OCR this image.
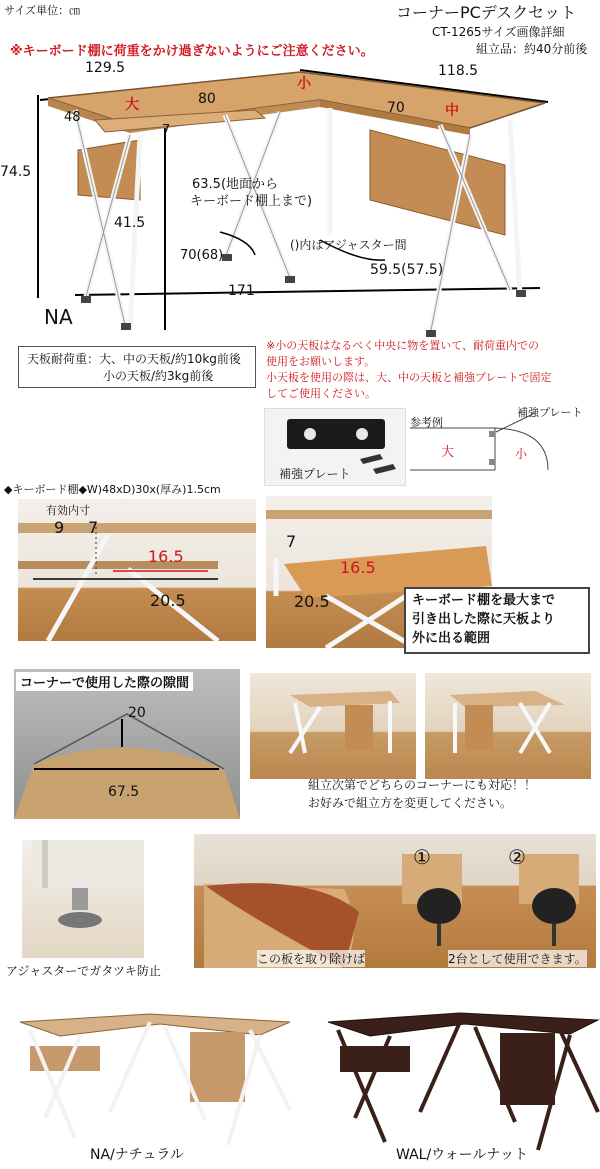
サイズ単位：㎝	コーナーPCデスクセット
CT-1265サイズ画像詳細
組立品：約40分前後
※キーボード棚に荷重をかけ過ぎないようにご注意ください。
129.5	118.5
小
大	80
70	中
48
7
74.5
63.5(地面から
キーボード棚上まで)
41.5
70(68)
()内はアジャスター間
59.5(57.5)
171
NA
天板耐荷重：大、中の天板/約10kg前後
小の天板/約3kg前後
※小の天板はなるべく中央に物を置いて、耐荷重内での
使用をお願いします。
小天板を使用の際は、大、中の天板と補強プレートで固定
してご使用ください。
補強プレート
参考例
補強プレート
大	小
◆キーボード棚◆W)48xD)30x(厚み)1.5cm
有効内寸
9 7
16.5
20.5
7
16.5
20.5	キーボード棚を最大まで
引き出した際に天板より
外に出る範囲
コーナーで使用した際の隙間
20
67.5	組立次第でどちらのコーナーにも対応！！
お好みで組立方を変更してください。
アジャスターでガタツキ防止
①	②
この板を取り除けば	2台として使用できます。
NA/ナチュラル	WAL/ウォールナット
